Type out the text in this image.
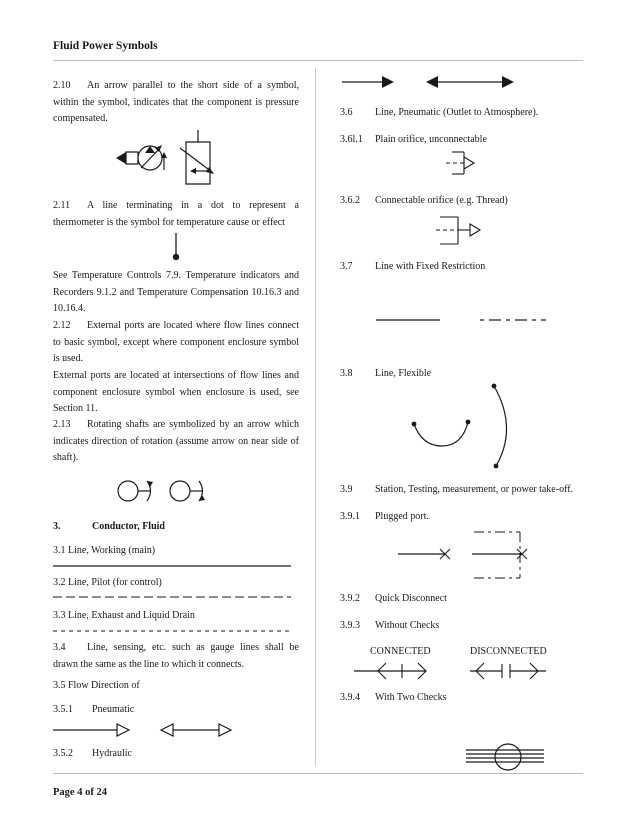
Fluid Power Symbols
Page 4 of 24
2.10 An arrow parallel to the short side of a symbol, within the symbol, indicates that the component is pressure compensated.
2.11 A line terminating in a dot to represent a thermometer is the symbol for temperature cause or effect
See Temperature Controls 7.9. Temperature indicators and Recorders 9.1.2 and Temperature Compensation 10.16.3 and 10.16.4.
2.12 External ports are located where flow lines connect to basic symbol, except where component enclosure symbol is used.
External ports are located at intersections of flow lines and component enclosure symbol when enclosure is used, see Section 11.
2.13 Rotating shafts are symbolized by an arrow which indicates direction of rotation (assume arrow on near side of shaft).
3.	Conductor, Fluid
3.1 Line, Working (main)
3.2 Line, Pilot (for control)
3.3 Line, Exhaust and Liquid Drain
3.4 Line, sensing, etc. such as gauge lines shall be drawn the same as the line to which it connects.
3.5 Flow Direction of
3.5.1 Pneumatic
3.5.2 Hydraulic
3.6 Line, Pneumatic (Outlet to Atmosphere).
3.6l.1 Plain orifice, unconnectable
3.6.2 Connectable orifice (e.g. Thread)
3.7 Line with Fixed Restriction
3.8 Line, Flexible
3.9 Station, Testing, measurement, or power take-off.
3.9.1 Plugged port.
3.9.2 Quick Disconnect
3.9.3 Without Checks
CONNECTED	DISCONNECTED
3.9.4 With Two Checks
